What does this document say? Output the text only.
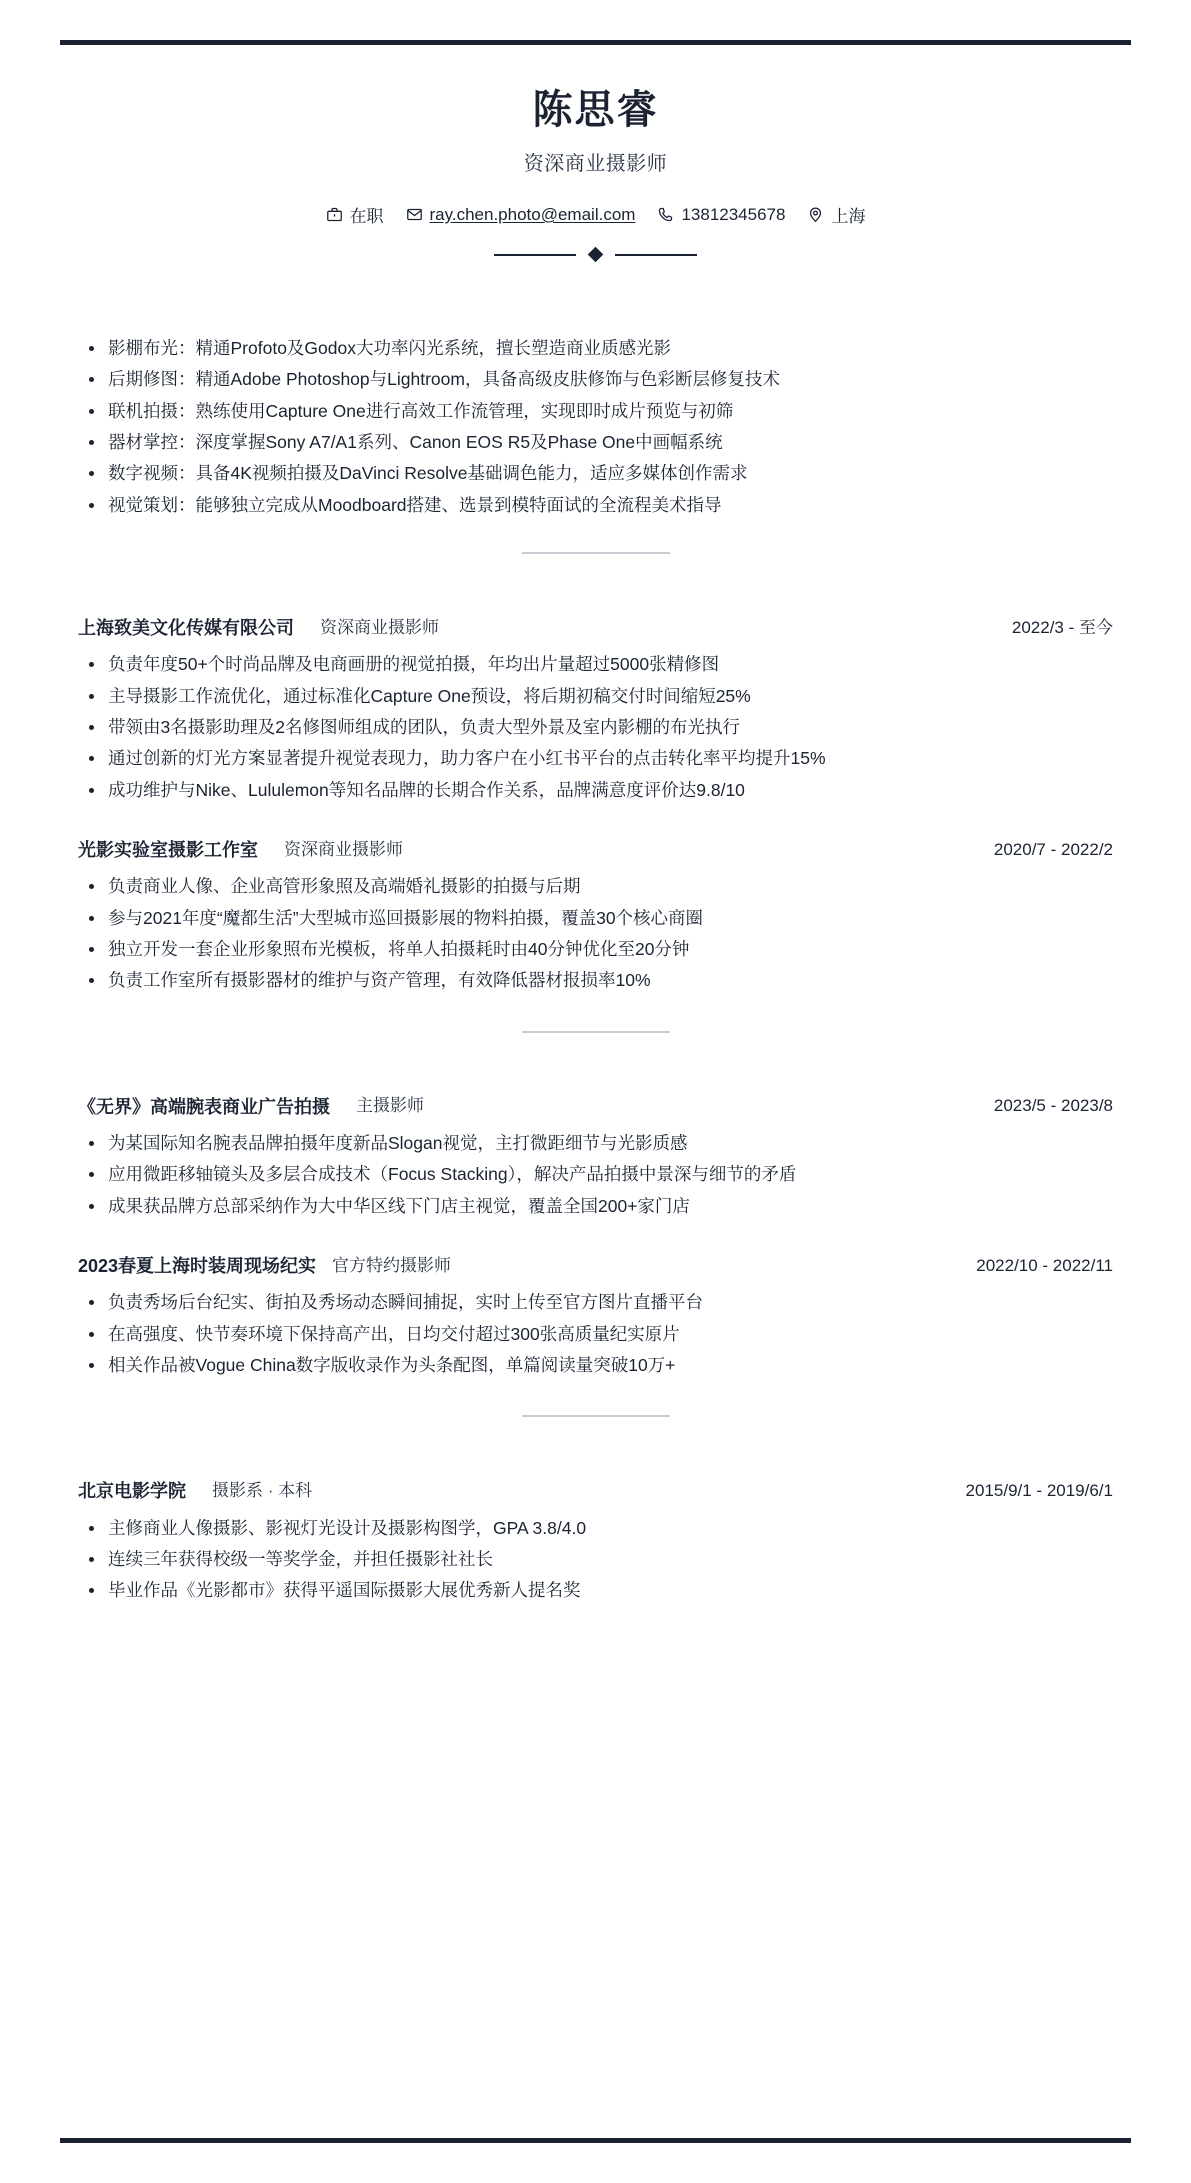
陈思睿
资深商业摄影师
在职	ray.chen.photo@email.com	13812345678	上海
影棚布光：精通Profoto及Godox大功率闪光系统，擅长塑造商业质感光影
后期修图：精通Adobe Photoshop与Lightroom，具备高级皮肤修饰与色彩断层修复技术
联机拍摄：熟练使用Capture One进行高效工作流管理，实现即时成片预览与初筛
器材掌控：深度掌握Sony A7/A1系列、Canon EOS R5及Phase One中画幅系统
数字视频：具备4K视频拍摄及DaVinci Resolve基础调色能力，适应多媒体创作需求
视觉策划：能够独立完成从Moodboard搭建、选景到模特面试的全流程美术指导
上海致美文化传媒有限公司 资深商业摄影师	2022/3 - 至今
负责年度50+个时尚品牌及电商画册的视觉拍摄，年均出片量超过5000张精修图
主导摄影工作流优化，通过标准化Capture One预设，将后期初稿交付时间缩短25%
带领由3名摄影助理及2名修图师组成的团队，负责大型外景及室内影棚的布光执行
通过创新的灯光方案显著提升视觉表现力，助力客户在小红书平台的点击转化率平均提升15%
成功维护与Nike、Lululemon等知名品牌的长期合作关系，品牌满意度评价达9.8/10
光影实验室摄影工作室 资深商业摄影师	2020/7 - 2022/2
负责商业人像、企业高管形象照及高端婚礼摄影的拍摄与后期
参与2021年度“魔都生活”大型城市巡回摄影展的物料拍摄，覆盖30个核心商圈
独立开发一套企业形象照布光模板，将单人拍摄耗时由40分钟优化至20分钟
负责工作室所有摄影器材的维护与资产管理，有效降低器材报损率10%
《无界》高端腕表商业广告拍摄 主摄影师	2023/5 - 2023/8
为某国际知名腕表品牌拍摄年度新品Slogan视觉，主打微距细节与光影质感
应用微距移轴镜头及多层合成技术（Focus Stacking），解决产品拍摄中景深与细节的矛盾
成果获品牌方总部采纳作为大中华区线下门店主视觉，覆盖全国200+家门店
2023春夏上海时装周现场纪实 官方特约摄影师	2022/10 - 2022/11
负责秀场后台纪实、街拍及秀场动态瞬间捕捉，实时上传至官方图片直播平台
在高强度、快节奏环境下保持高产出，日均交付超过300张高质量纪实原片
相关作品被Vogue China数字版收录作为头条配图，单篇阅读量突破10万+
北京电影学院 摄影系 · 本科	2015/9/1 - 2019/6/1
主修商业人像摄影、影视灯光设计及摄影构图学，GPA 3.8/4.0
连续三年获得校级一等奖学金，并担任摄影社社长
毕业作品《光影都市》获得平遥国际摄影大展优秀新人提名奖
